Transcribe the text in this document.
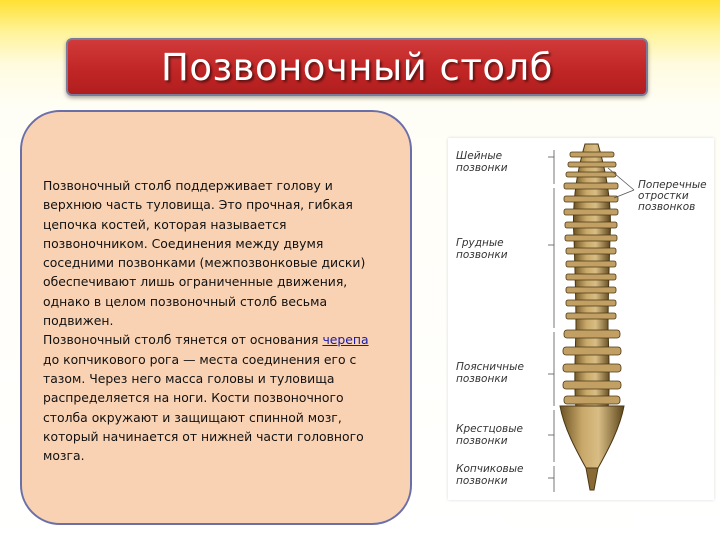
Позвоночный столб

Позвоночный столб поддерживает голову и верхнюю часть туловища. Это прочная, гибкая цепочка костей, которая называется позвоночником. Соединения между двумя соседними позвонками (межпозвонковые диски) обеспечивают лишь ограниченные движения, однако в целом позвоночный столб весьма подвижен.
Позвоночный столб тянется от основания черепа до копчикового рога — места соединения его с тазом. Через него масса головы и туловища распределяется на ноги. Кости позвоночного столба окружают и защищают спинной мозг, который начинается от нижней части головного мозга.

Шейные
позвонки
Поперечные
отростки
позвонков
Грудные
позвонки
Поясничные
позвонки
Крестцовые
позвонки
Копчиковые
позвонки
